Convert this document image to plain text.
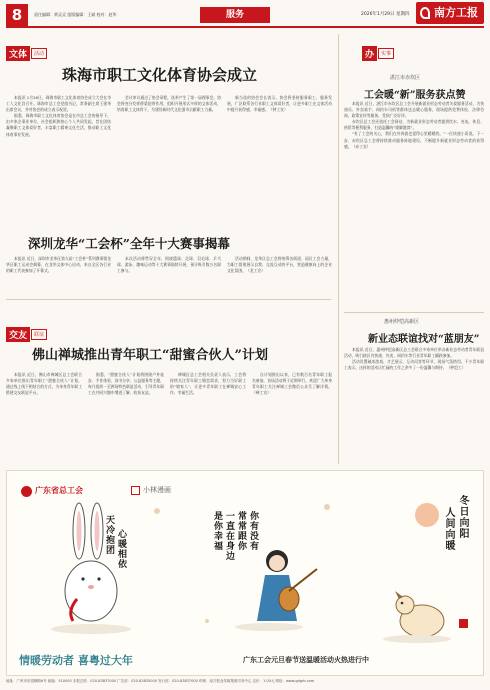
8	责任编辑：黄灵灵 组版编辑：王斌 校对：赵华	服务	2026年1月29日 星期四	南方工报
文体	活动
珠海市职工文化体育协会成立

本报讯 1月26日，珠海市职工文化体育协会成立大会在市工人文化宫召开。珠海市总工会党组书记、常务副主席王建华出席会议，并对协会的成立表示祝贺。

据悉，珠海市职工文化体育协会是在市总工会的指导下，由多家企事业单位、社会组织和热心个人共同发起，旨在团结凝聚职工文体爱好者，丰富职工精神文化生活，推动职工文化体育事业发展。

会议审议通过了协会章程，选举产生了第一届理事会。协会将充分发挥桥梁纽带作用，组织开展形式多样的文体活动，培育职工文体骨干，为建设新时代文化强市贡献职工力量。

新当选的协会会长表示，协会将坚持服务职工、服务发展，广泛联系各行业职工文体爱好者，让更多职工在文体活动中提升获得感、幸福感。（钟工宣）

深圳龙华“工会杯”全年十大赛事揭幕

本报讯 近日，深圳市龙华区第九届“工会杯”系列赛事暨龙华区职工运动会揭幕，在龙华文体中心启动，来自全区各行业的职工代表参加了开幕式。

本次活动将贯穿全年，围绕篮球、足球、羽毛球、乒乓球、游泳、趣味运动等十大赛事陆续开展，预计吸引数万名职工参与。

活动期间，龙华区总工会将统筹各街道、园区工会力量，为职工搭建展示自我、交流互动的平台，营造健康向上的企业文化氛围。（龙工宣）

交友	联谊
佛山禅城推出青年职工“甜蜜合伙人”计划

本报讯 近日，佛山市禅城区总工会联合多家单位推出青年职工“甜蜜合伙人”计划，通过线上线下相结合的方式，为单身青年职工搭建交友联谊平台。

据悉，“甜蜜合伙人”计划将围绕户外徒步、手作体验、读书分享、公益服务等主题，每月组织一至两场特色联谊活动，引导青年职工在共同兴趣中增进了解、收获友谊。

禅城区总工会相关负责人表示，工会将持续关注青年职工婚恋需求，努力当好职工的“娘家人”，让更多青年职工在禅城安心工作、幸福生活。

自计划推出以来，已有数百名青年职工报名参加，首场活动将于近期举行，欢迎广大单身青年职工关注禅城工会微信公众号了解详情。（禅工宣）

办	实事
湛江市赤坎区
工会暖“新”服务获点赞

本报讯 近日，湛江市赤坎区总工会开展新就业形态劳动者关爱服务活动，为快递员、外卖骑手、网约车司机等群体送去暖心服务，现场提供免费体检、法律咨询、政策宣传等服务，受到广泛好评。

赤坎区总工会还依托工会驿站，为新就业形态劳动者提供饮水、充电、休息、热饭等便利服务，打造温馨的“歇脚港湾”。

“有了工会的关心，我们在外奔波也觉得心里暖暖的。”一位快递小哥说。下一步，赤坎区总工会将持续推动服务阵地建设，不断提升新就业形态劳动者的获得感。（赤工宣）

惠州仲恺高新区
新业态联谊找对“蓝朋友”

本报讯 近日，惠州仲恺高新区总工会联合多家单位举办新业态劳动者青年联谊活动，吸引辖区内快递、外卖、网约车等行业青年职工踊跃参加。

活动设置破冰游戏、才艺展示、互动问答等环节，现场气氛热烈。不少青年职工表示，这样的活动让忙碌的工作之余多了一份温馨与期待。（仲恺工）

广东省总工会	小林漫画
天冷抱团 心暖相依	你有没有
常常跟你
一直在身边
是你幸福	冬日向阳
人间向暖
情暖劳动者 喜粤过大年	广东工会元旦春节送温暖活动火热进行中
地址：广州市东园横路6号 邮编：510000 本报总机：020-83837000 广告部：020-83835000 发行部：020-83837000 印刷：南方报业传媒集团印务中心 定价：1.00元 网址：www.gdgrb.com
